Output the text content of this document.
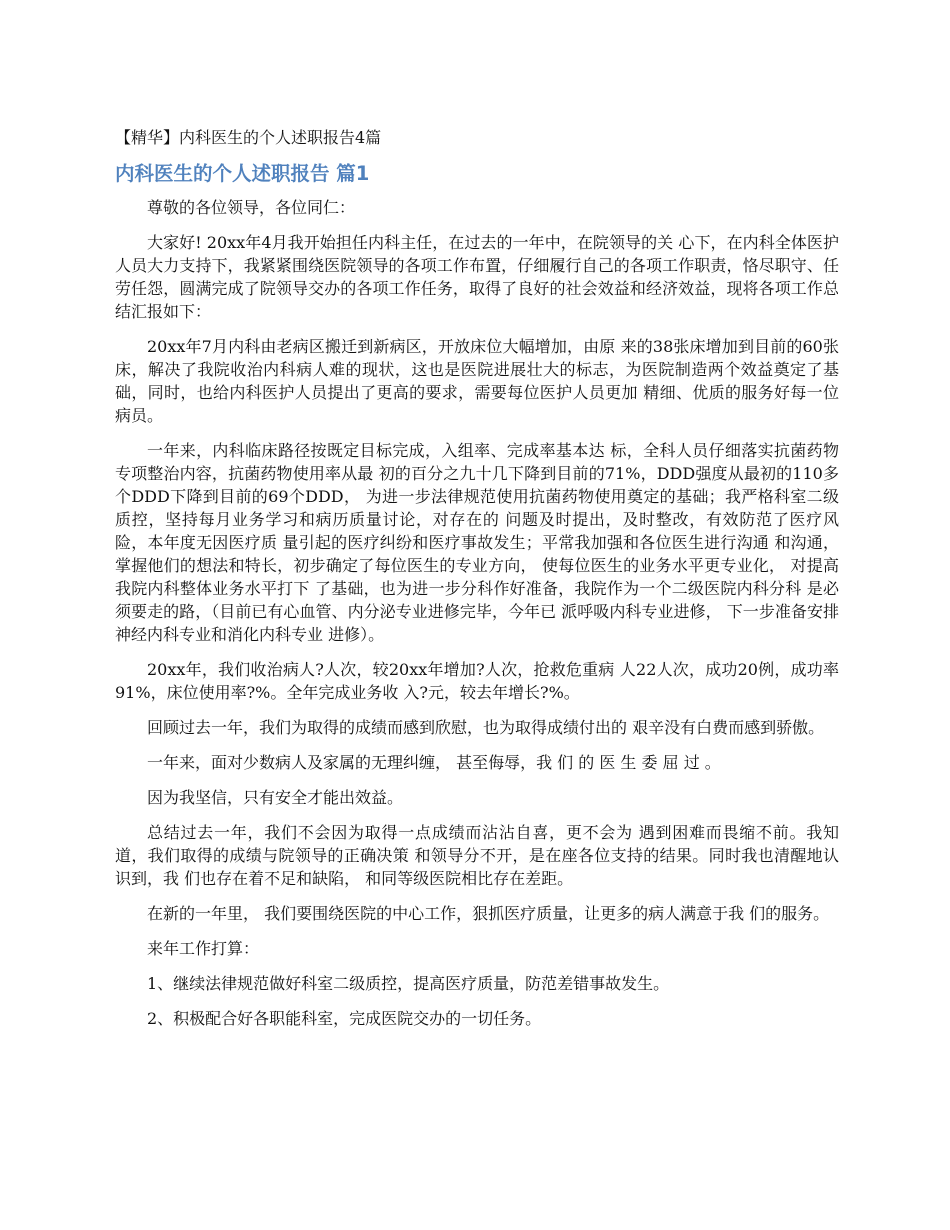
【精华】内科医生的个人述职报告4篇

内科医生的个人述职报告 篇1

尊敬的各位领导，各位同仁：

大家好! 20xx年4月我开始担任内科主任，在过去的一年中，在院领导的关 心下，在内科全体医护人员大力支持下，我紧紧围绕医院领导的各项工作布置，仔细履行自己的各项工作职责，恪尽职守、任劳任怨，圆满完成了院领导交办的各项工作任务，取得了良好的社会效益和经济效益，现将各项工作总结汇报如下：

20xx年7月内科由老病区搬迁到新病区，开放床位大幅增加，由原 来的38张床增加到目前的60张床，解决了我院收治内科病人难的现状，这也是医院进展壮大的标志，为医院制造两个效益奠定了基础，同时，也给内科医护人员提出了更高的要求，需要每位医护人员更加 精细、优质的服务好每一位病员。

一年来，内科临床路径按既定目标完成，入组率、完成率基本达 标，全科人员仔细落实抗菌药物专项整治内容，抗菌药物使用率从最 初的百分之九十几下降到目前的71%，DDD强度从最初的110多个DDD下降到目前的69个DDD， 为进一步法律规范使用抗菌药物使用奠定的基础；我严格科室二级质控，坚持每月业务学习和病历质量讨论，对存在的 问题及时提出，及时整改，有效防范了医疗风险，本年度无因医疗质 量引起的医疗纠纷和医疗事故发生；平常我加强和各位医生进行沟通 和沟通，掌握他们的想法和特长，初步确定了每位医生的专业方向， 使每位医生的业务水平更专业化， 对提高我院内科整体业务水平打下 了基础，也为进一步分科作好准备，我院作为一个二级医院内科分科 是必须要走的路，（目前已有心血管、内分泌专业进修完毕，今年已 派呼吸内科专业进修， 下一步准备安排神经内科专业和消化内科专业 进修）。

20xx年，我们收治病人?人次，较20xx年增加?人次，抢救危重病 人22人次，成功20例，成功率91%，床位使用率?%。全年完成业务收 入?元，较去年增长?%。

回顾过去一年，我们为取得的成绩而感到欣慰，也为取得成绩付出的 艰辛没有白费而感到骄傲。

一年来，面对少数病人及家属的无理纠缠， 甚至侮辱，我 们 的 医 生 委 屈 过 。

因为我坚信，只有安全才能出效益。

总结过去一年，我们不会因为取得一点成绩而沾沾自喜，更不会为 遇到困难而畏缩不前。我知道，我们取得的成绩与院领导的正确决策 和领导分不开，是在座各位支持的结果。同时我也清醒地认识到，我 们也存在着不足和缺陷， 和同等级医院相比存在差距。

在新的一年里， 我们要围绕医院的中心工作，狠抓医疗质量，让更多的病人满意于我 们的服务。

来年工作打算：

1、继续法律规范做好科室二级质控，提高医疗质量，防范差错事故发生。

2、积极配合好各职能科室，完成医院交办的一切任务。
